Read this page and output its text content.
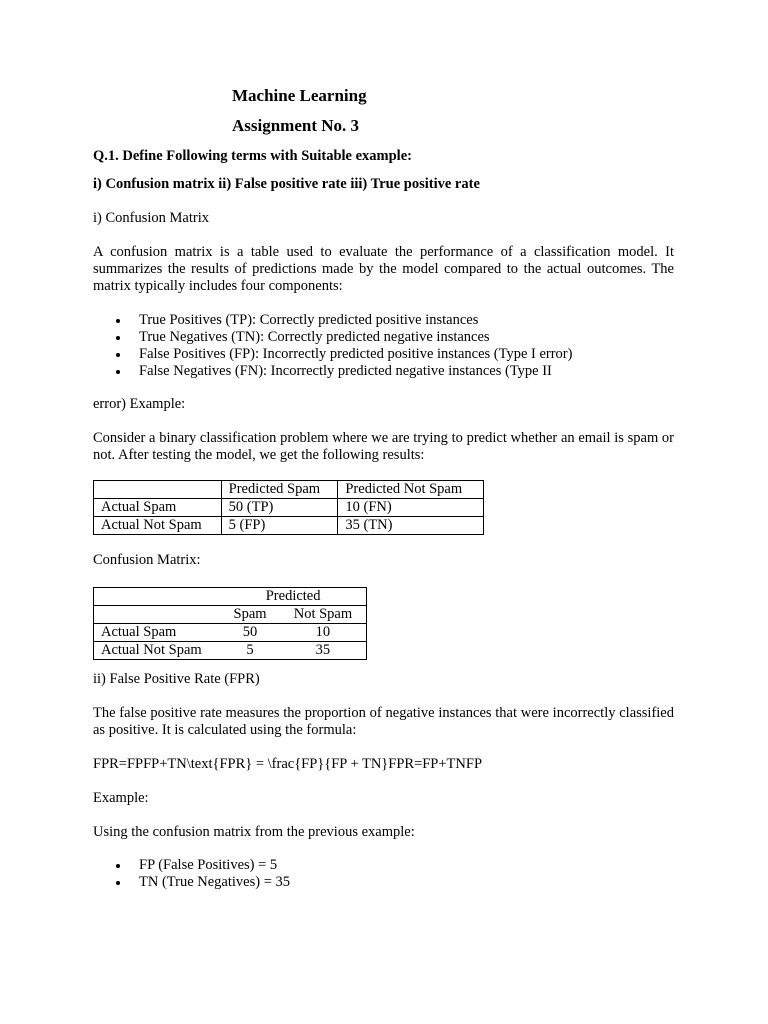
Machine Learning

Assignment No. 3

Q.1. Define Following terms with Suitable example:

i) Confusion matrix ii) False positive rate iii) True positive rate

i) Confusion Matrix

A confusion matrix is a table used to evaluate the performance of a classification model. It summarizes the results of predictions made by the model compared to the actual outcomes. The matrix typically includes four components:

True Positives (TP): Correctly predicted positive instances
True Negatives (TN): Correctly predicted negative instances
False Positives (FP): Incorrectly predicted positive instances (Type I error)
False Negatives (FN): Incorrectly predicted negative instances (Type II

error) Example:

Consider a binary classification problem where we are trying to predict whether an email is spam or not. After testing the model, we get the following results:

	Predicted Spam	Predicted Not Spam
Actual Spam	50 (TP)	10 (FN)
Actual Not Spam	5 (FP)	35 (TN)

Confusion Matrix:

	Predicted	
	Spam	Not Spam
Actual Spam	50	10
Actual Not Spam	5	35

ii) False Positive Rate (FPR)

The false positive rate measures the proportion of negative instances that were incorrectly classified as positive. It is calculated using the formula:

FPR=FPFP+TN\text{FPR} = \frac{FP}{FP + TN}FPR=FP+TNFP

Example:

Using the confusion matrix from the previous example:

FP (False Positives) = 5
TN (True Negatives) = 35
